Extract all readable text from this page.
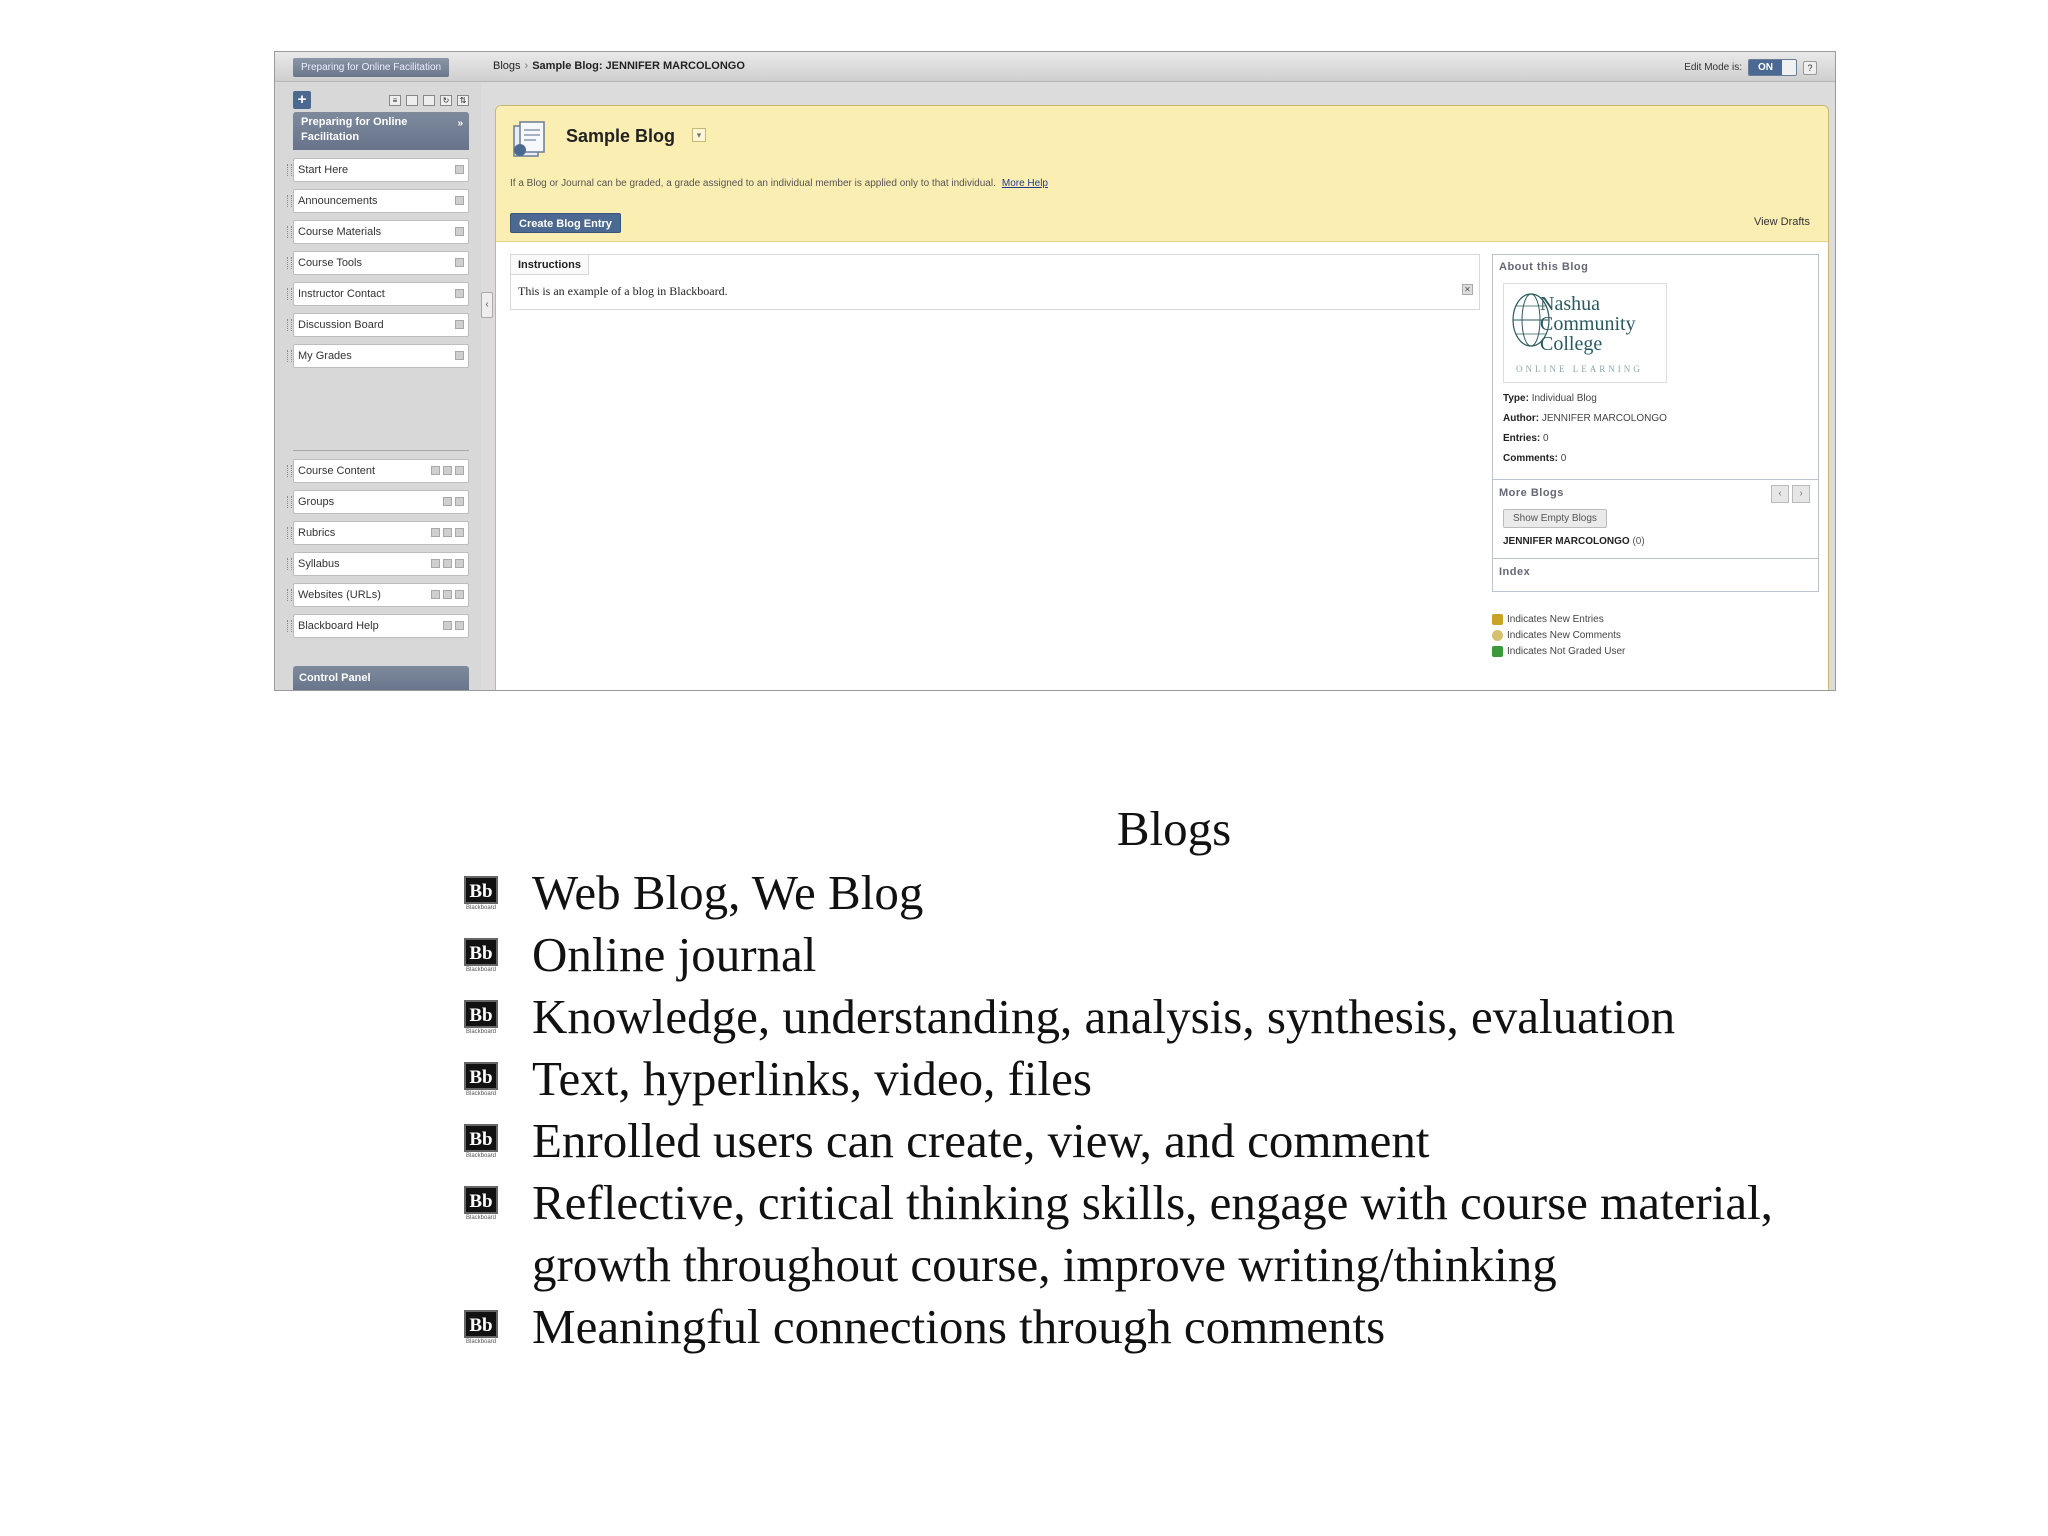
Preparing for Online Facilitation	Blogs › Sample Blog: JENNIFER MARCOLONGO	Edit Mode is:	ON	?
+	≡	↻	⇅
Preparing for Online Facilitation
»
Start Here
Announcements
Course Materials
Course Tools
Instructor Contact
Discussion Board
My Grades
Course Content
Groups
Rubrics
Syllabus
Websites (URLs)
Blackboard Help
Control Panel
‹
Sample Blog	▾
If a Blog or Journal can be graded, a grade assigned to an individual member is applied only to that individual. More Help
Create Blog Entry	View Drafts
Instructions
This is an example of a blog in Blackboard.	✕
About this Blog
Nashua
Community
College
ONLINE LEARNING
Type: Individual Blog
Author: JENNIFER MARCOLONGO
Entries: 0
Comments: 0
More Blogs	‹	›
Show Empty Blogs
JENNIFER MARCOLONGO (0)
Index
Indicates New Entries
Indicates New Comments
Indicates Not Graded User
Blogs
Bb
Blackboard Web Blog, We Blog
Bb
Blackboard Online journal
Bb
Blackboard Knowledge, understanding, analysis, synthesis, evaluation
Bb
Blackboard Text, hyperlinks, video, files
Bb
Blackboard Enrolled users can create, view, and comment
Bb
Blackboard Reflective, critical thinking skills, engage with course material, growth throughout course, improve writing/thinking
Bb
Blackboard Meaningful connections through comments
